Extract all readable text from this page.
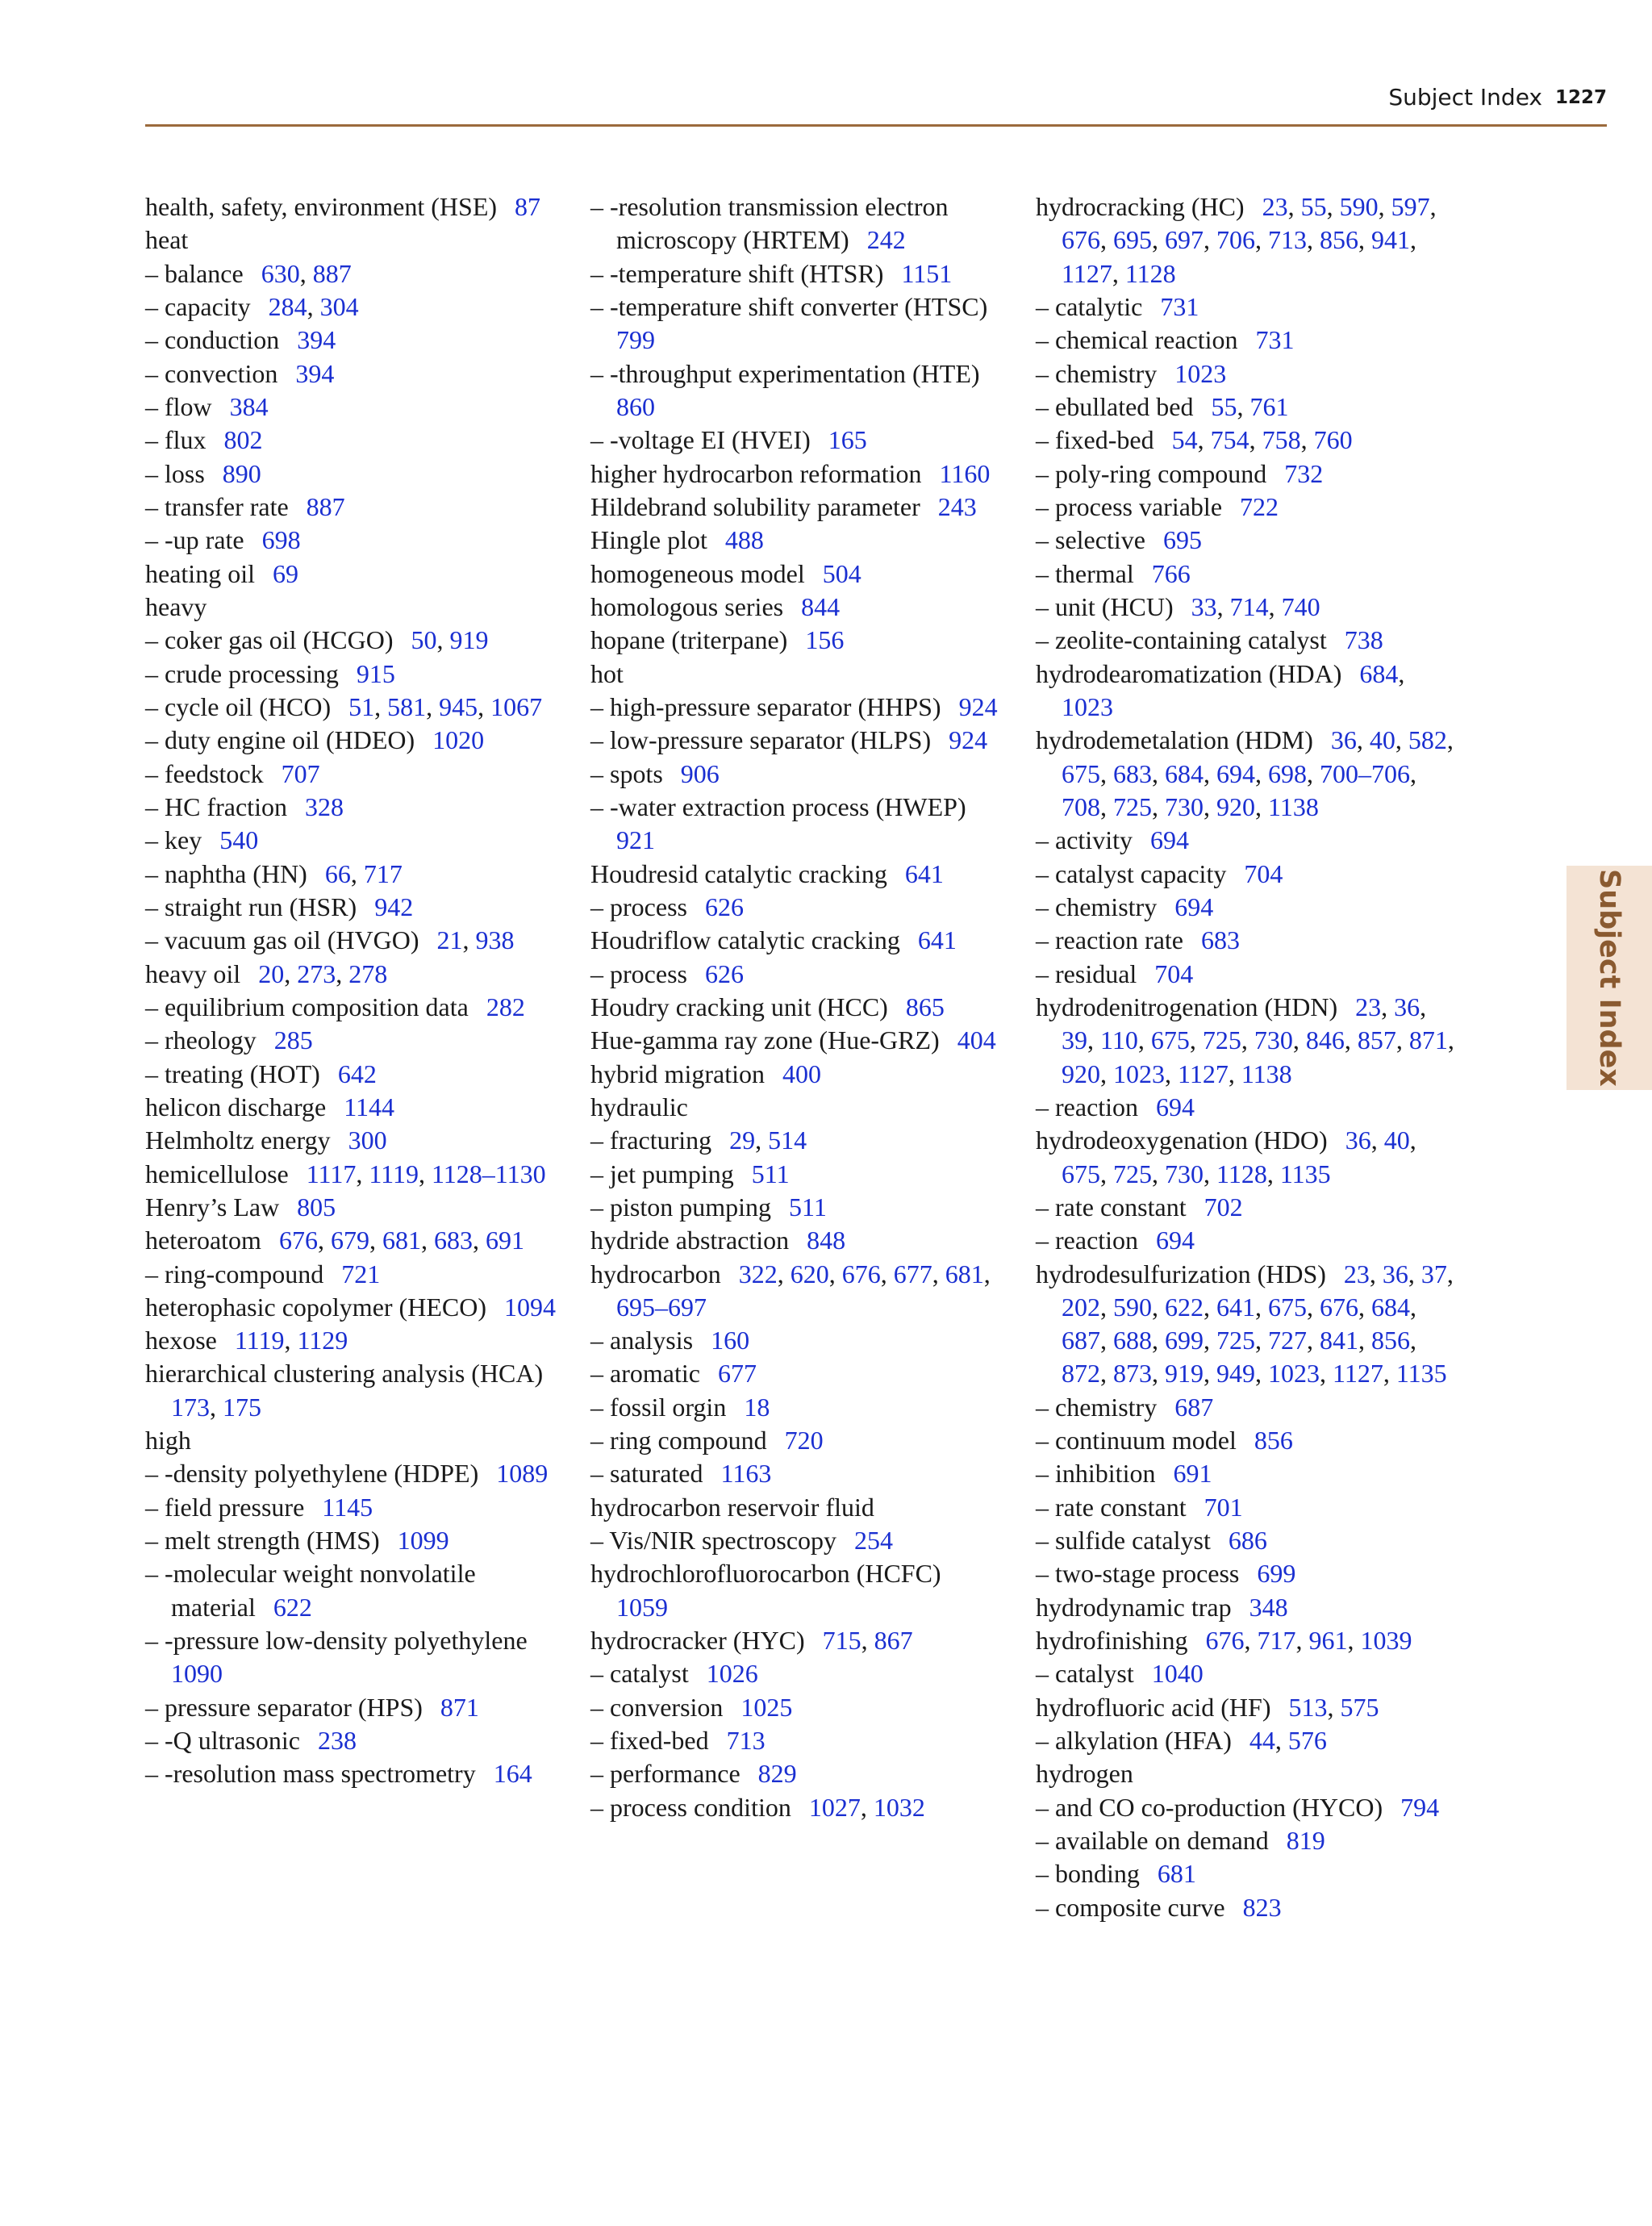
Subject Index 1227
Subject Index
health, safety, environment (HSE) 87
heat
– balance 630, 887
– capacity 284, 304
– conduction 394
– convection 394
– flow 384
– flux 802
– loss 890
– transfer rate 887
– -up rate 698
heating oil 69
heavy
– coker gas oil (HCGO) 50, 919
– crude processing 915
– cycle oil (HCO) 51, 581, 945, 1067
– duty engine oil (HDEO) 1020
– feedstock 707
– HC fraction 328
– key 540
– naphtha (HN) 66, 717
– straight run (HSR) 942
– vacuum gas oil (HVGO) 21, 938
heavy oil 20, 273, 278
– equilibrium composition data 282
– rheology 285
– treating (HOT) 642
helicon discharge 1144
Helmholtz energy 300
hemicellulose 1117, 1119, 1128–1130
Henry’s Law 805
heteroatom 676, 679, 681, 683, 691
– ring-compound 721
heterophasic copolymer (HECO) 1094
hexose 1119, 1129
hierarchical clustering analysis (HCA)173, 175
high
– -density polyethylene (HDPE) 1089
– field pressure 1145
– melt strength (HMS) 1099
– -molecular weight nonvolatile material 622
– -pressure low-density polyethylene1090
– pressure separator (HPS) 871
– -Q ultrasonic 238
– -resolution mass spectrometry 164
– -resolution transmission electron microscopy (HRTEM) 242
– -temperature shift (HTSR) 1151
– -temperature shift converter (HTSC)799
– -throughput experimentation (HTE)860
– -voltage EI (HVEI) 165
higher hydrocarbon reformation 1160
Hildebrand solubility parameter 243
Hingle plot 488
homogeneous model 504
homologous series 844
hopane (triterpane) 156
hot
– high-pressure separator (HHPS) 924
– low-pressure separator (HLPS) 924
– spots 906
– -water extraction process (HWEP)921
Houdresid catalytic cracking 641
– process 626
Houdriflow catalytic cracking 641
– process 626
Houdry cracking unit (HCC) 865
Hue-gamma ray zone (Hue-GRZ) 404
hybrid migration 400
hydraulic
– fracturing 29, 514
– jet pumping 511
– piston pumping 511
hydride abstraction 848
hydrocarbon 322, 620, 676, 677, 681, 695–697
– analysis 160
– aromatic 677
– fossil orgin 18
– ring compound 720
– saturated 1163
hydrocarbon reservoir fluid
– Vis/NIR spectroscopy 254
hydrochlorofluorocarbon (HCFC)1059
hydrocracker (HYC) 715, 867
– catalyst 1026
– conversion 1025
– fixed-bed 713
– performance 829
– process condition 1027, 1032
hydrocracking (HC) 23, 55, 590, 597, 676, 695, 697, 706, 713, 856, 941, 1127, 1128
– catalytic 731
– chemical reaction 731
– chemistry 1023
– ebullated bed 55, 761
– fixed-bed 54, 754, 758, 760
– poly-ring compound 732
– process variable 722
– selective 695
– thermal 766
– unit (HCU) 33, 714, 740
– zeolite-containing catalyst 738
hydrodearomatization (HDA) 684, 1023
hydrodemetalation (HDM) 36, 40, 582, 675, 683, 684, 694, 698, 700–706, 708, 725, 730, 920, 1138
– activity 694
– catalyst capacity 704
– chemistry 694
– reaction rate 683
– residual 704
hydrodenitrogenation (HDN) 23, 36, 39, 110, 675, 725, 730, 846, 857, 871, 920, 1023, 1127, 1138
– reaction 694
hydrodeoxygenation (HDO) 36, 40, 675, 725, 730, 1128, 1135
– rate constant 702
– reaction 694
hydrodesulfurization (HDS) 23, 36, 37, 202, 590, 622, 641, 675, 676, 684, 687, 688, 699, 725, 727, 841, 856, 872, 873, 919, 949, 1023, 1127, 1135
– chemistry 687
– continuum model 856
– inhibition 691
– rate constant 701
– sulfide catalyst 686
– two-stage process 699
hydrodynamic trap 348
hydrofinishing 676, 717, 961, 1039
– catalyst 1040
hydrofluoric acid (HF) 513, 575
– alkylation (HFA) 44, 576
hydrogen
– and CO co-production (HYCO) 794
– available on demand 819
– bonding 681
– composite curve 823
